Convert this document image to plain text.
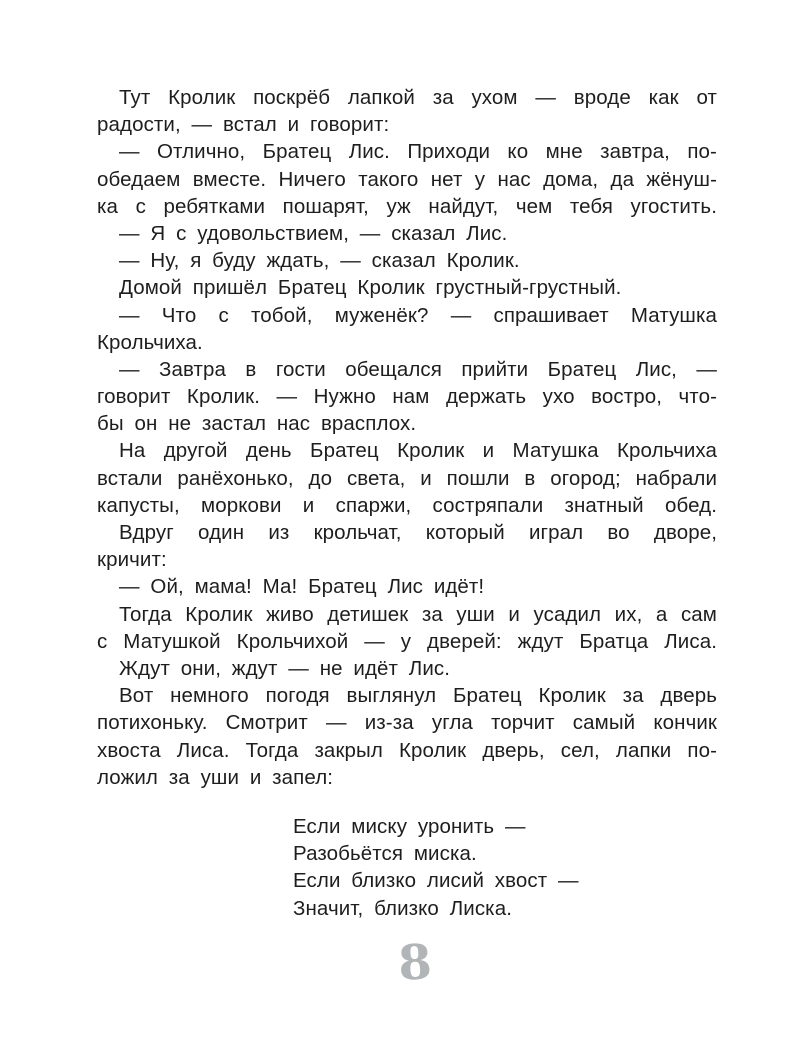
Тут Кролик поскрёб лапкой за ухом — вроде как от
радости, — встал и говорит:
— Отлично, Братец Лис. Приходи ко мне завтра, по-
обедаем вместе. Ничего такого нет у нас дома, да жёнуш-
ка с ребятками пошарят, уж найдут, чем тебя угостить.
— Я с удовольствием, — сказал Лис.
— Ну, я буду ждать, — сказал Кролик.
Домой пришёл Братец Кролик грустный-грустный.
— Что с тобой, муженёк? — спрашивает Матушка
Крольчиха.
— Завтра в гости обещался прийти Братец Лис, —
говорит Кролик. — Нужно нам держать ухо востро, что-
бы он не застал нас врасплох.
На другой день Братец Кролик и Матушка Крольчиха
встали ранёхонько, до света, и пошли в огород; набрали
капусты, моркови и спаржи, состряпали знатный обед.
Вдруг один из крольчат, который играл во дворе,
кричит:
— Ой, мама! Ма! Братец Лис идёт!
Тогда Кролик живо детишек за уши и усадил их, а сам
с Матушкой Крольчихой — у дверей: ждут Братца Лиса.
Ждут они, ждут — не идёт Лис.
Вот немного погодя выглянул Братец Кролик за дверь
потихоньку. Смотрит — из-за угла торчит самый кончик
хвоста Лиса. Тогда закрыл Кролик дверь, сел, лапки по-
ложил за уши и запел:
Если миску уронить —
Разобьётся миска.
Если близко лисий хвост —
Значит, близко Лиска.
8
